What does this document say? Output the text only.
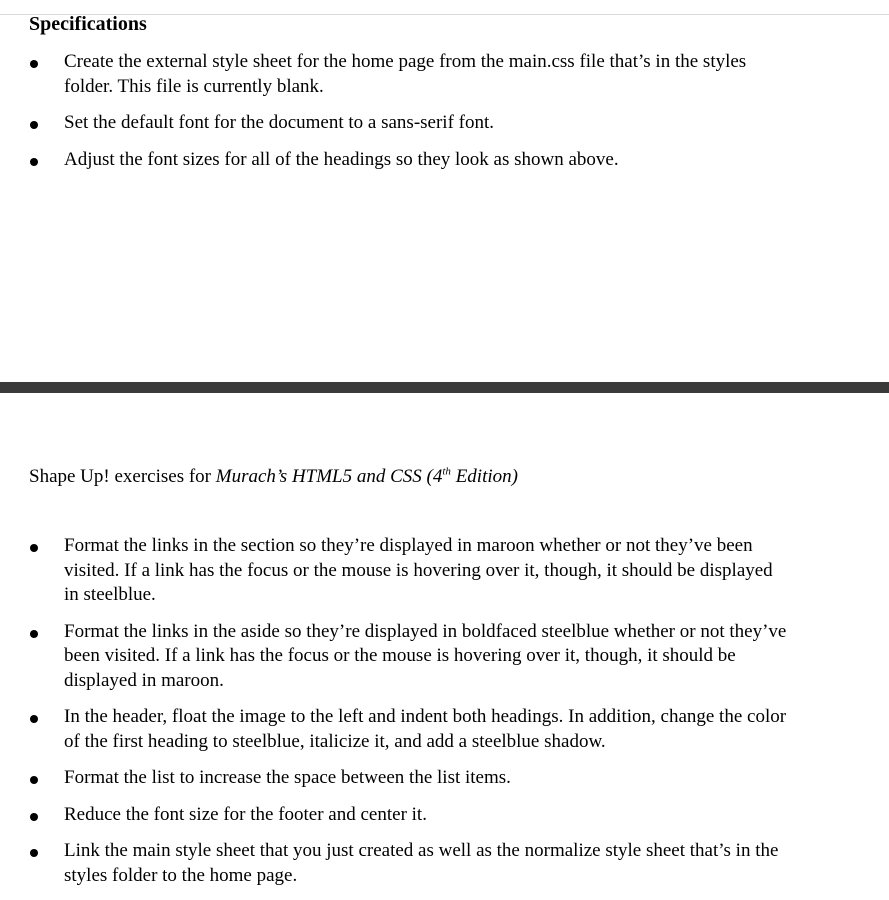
Specifications
Create the external style sheet for the home page from the main.css file that’s in the styles folder. This file is currently blank.
Set the default font for the document to a sans-serif font.
Adjust the font sizes for all of the headings so they look as shown above.
Shape Up! exercises for Murach’s HTML5 and CSS (4th Edition)
Format the links in the section so they’re displayed in maroon whether or not they’ve been visited. If a link has the focus or the mouse is hovering over it, though, it should be displayed in steelblue.
Format the links in the aside so they’re displayed in boldfaced steelblue whether or not they’ve been visited. If a link has the focus or the mouse is hovering over it, though, it should be displayed in maroon.
In the header, float the image to the left and indent both headings. In addition, change the color of the first heading to steelblue, italicize it, and add a steelblue shadow.
Format the list to increase the space between the list items.
Reduce the font size for the footer and center it.
Link the main style sheet that you just created as well as the normalize style sheet that’s in the styles folder to the home page.
